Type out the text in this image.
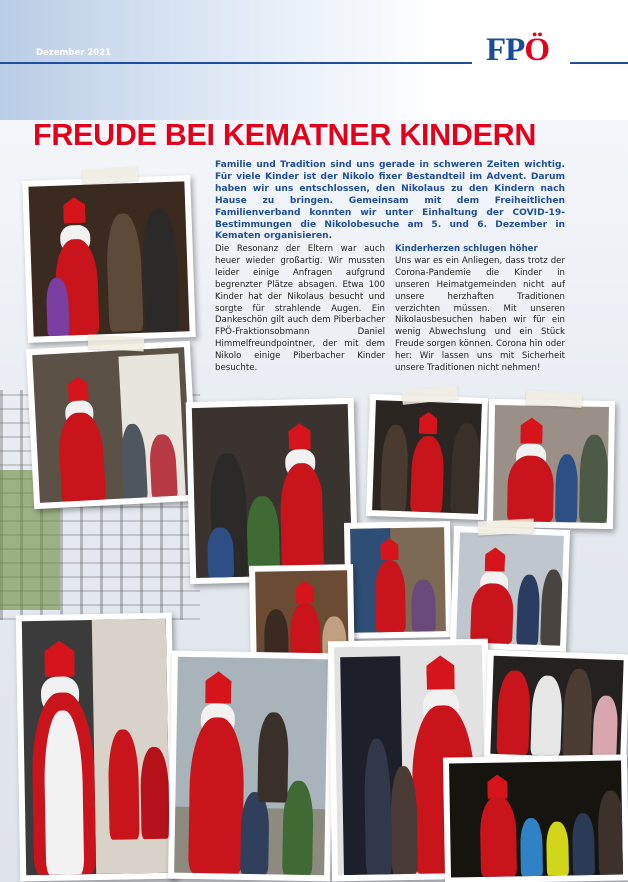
Dezember 2021	FP Ö
FREUDE BEI KEMATNER KINDERN

Familie und Tradition sind uns gerade in schweren Zeiten wichtig. Für viele Kinder ist der Nikolo fixer Bestandteil im Advent. Darum haben wir uns entschlossen, den Nikolaus zu den Kindern nach Hause zu bringen. Gemeinsam mit dem Freiheitlichen Familienverband konnten wir unter Einhaltung der COVID-19-Bestimmungen die Nikolobesuche am 5. und 6. Dezember in Kematen organisieren.

Die Resonanz der Eltern war auch heuer wieder großartig. Wir mussten leider einige Anfragen aufgrund begrenzter Plätze absagen. Etwa 100 Kinder hat der Nikolaus besucht und sorgte für strahlende Augen. Ein Dankeschön gilt auch dem Piberbacher FPÖ-Fraktionsobmann Daniel Himmelfreundpointner, der mit dem Nikolo einige Piberbacher Kinder besuchte.
Kinderherzen schlugen höher
Uns war es ein Anliegen, dass trotz der Corona-Pandemie die Kinder in unseren Heimatgemeinden nicht auf unsere herzhaften Traditionen verzichten müssen. Mit unseren Nikolausbesuchen haben wir für ein wenig Abwechslung und ein Stück Freude sorgen können. Corona hin oder her: Wir lassen uns mit Sicherheit unsere Traditionen nicht nehmen!
